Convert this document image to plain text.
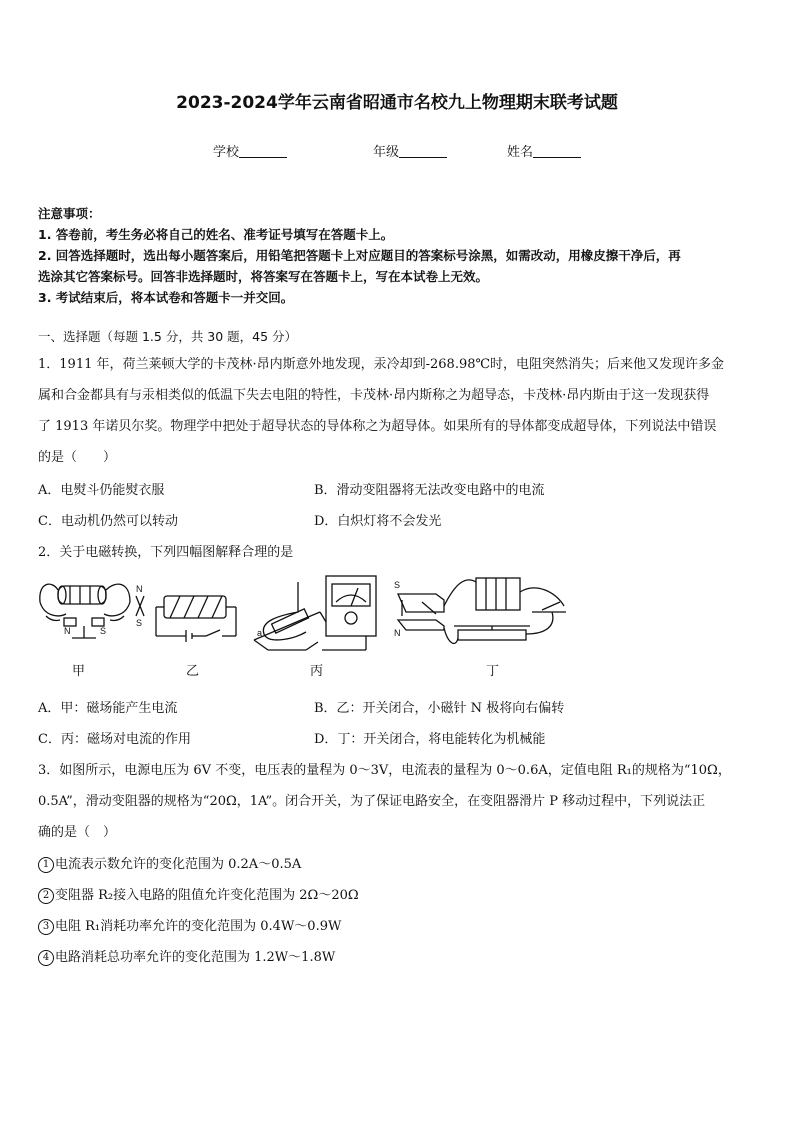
2023-2024学年云南省昭通市名校九上物理期末联考试题
学校	年级	姓名

注意事项：

1. 答卷前，考生务必将自己的姓名、准考证号填写在答题卡上。

2. 回答选择题时，选出每小题答案后，用铅笔把答题卡上对应题目的答案标号涂黑，如需改动，用橡皮擦干净后，再

选涂其它答案标号。回答非选择题时，将答案写在答题卡上，写在本试卷上无效。

3. 考试结束后，将本试卷和答题卡一并交回。

一、选择题（每题 1.5 分，共 30 题，45 分）
1．1911 年，荷兰莱顿大学的卡茂林·昂内斯意外地发现，汞冷却到-268.98℃时，电阻突然消失；后来他又发现许多金
属和合金都具有与汞相类似的低温下失去电阻的特性，卡茂林·昂内斯称之为超导态，卡茂林·昂内斯由于这一发现获得
了 1913 年诺贝尔奖。物理学中把处于超导状态的导体称之为超导体。如果所有的导体都变成超导体，下列说法中错误
的是（　　）
A．电熨斗仍能熨衣服	B．滑动变阻器将无法改变电路中的电流
C．电动机仍然可以转动	D．白炽灯将不会发光
2．关于电磁转换，下列四幅图解释合理的是
N	S
N
S
a
S
N
甲	乙	丙	丁
A．甲：磁场能产生电流	B．乙：开关闭合，小磁针 N 极将向右偏转
C．丙：磁场对电流的作用	D．丁：开关闭合，将电能转化为机械能
3．如图所示，电源电压为 6V 不变，电压表的量程为 0～3V，电流表的量程为 0～0.6A，定值电阻 R₁的规格为“10Ω，
0.5A”，滑动变阻器的规格为“20Ω，1A”。闭合开关，为了保证电路安全，在变阻器滑片 P 移动过程中，下列说法正
确的是（　）
1 电流表示数允许的变化范围为 0.2A～0.5A
2 变阻器 R₂接入电路的阻值允许变化范围为 2Ω～20Ω
3 电阻 R₁消耗功率允许的变化范围为 0.4W～0.9W
4 电路消耗总功率允许的变化范围为 1.2W～1.8W
